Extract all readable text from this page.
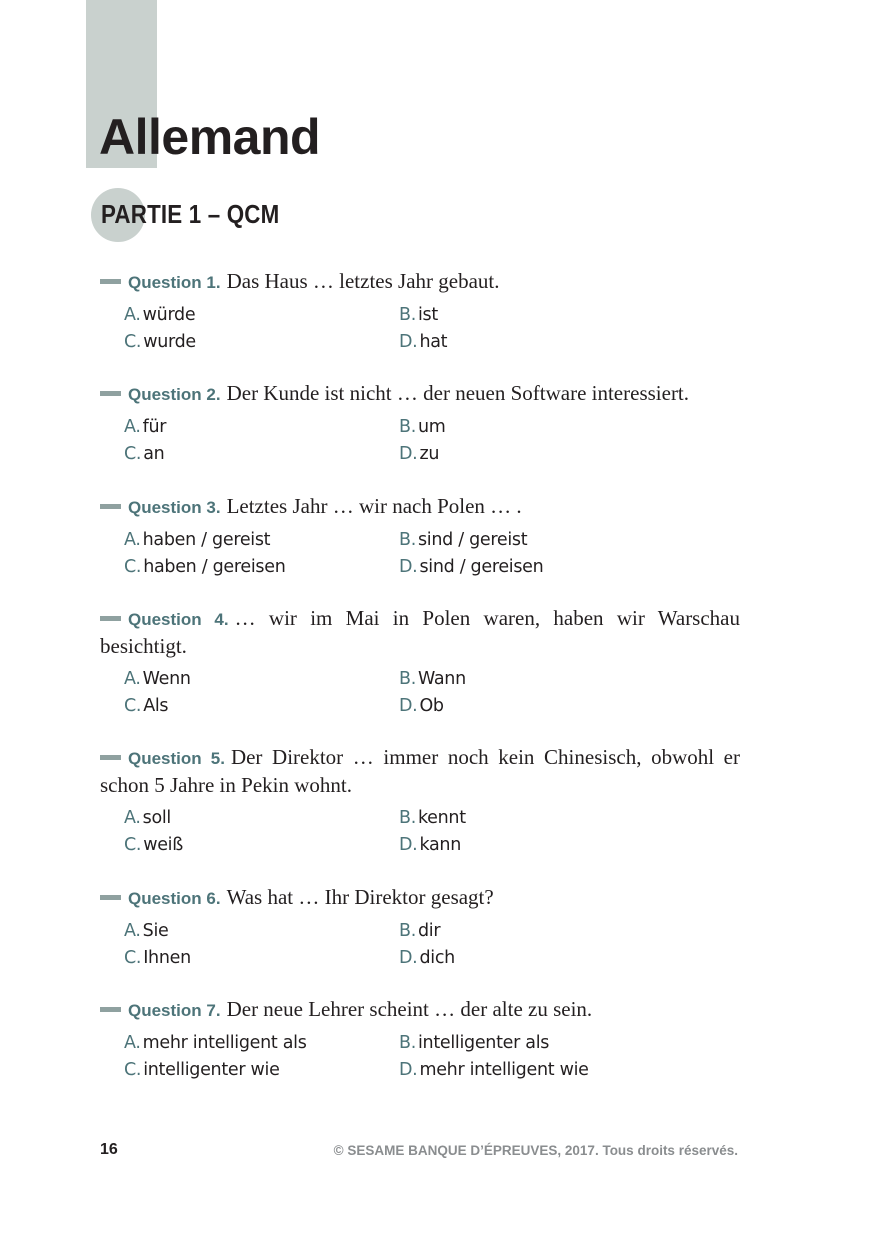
Allemand
PARTIE 1 – QCM

Question 1. Das Haus … letztes Jahr gebaut.

A. würde	B. ist
C. wurde	D. hat

Question 2. Der Kunde ist nicht … der neuen Software interessiert.

A. für	B. um
C. an	D. zu

Question 3. Letztes Jahr … wir nach Polen … .

A. haben / gereist	B. sind / gereist
C. haben / gereisen	D. sind / gereisen

Question 4. … wir im Mai in Polen waren, haben wir Warschau besichtigt.

A. Wenn	B. Wann
C. Als	D. Ob

Question 5. Der Direktor … immer noch kein Chinesisch, obwohl er schon 5 Jahre in Pekin wohnt.

A. soll	B. kennt
C. weiß	D. kann

Question 6. Was hat … Ihr Direktor gesagt?

A. Sie	B. dir
C. Ihnen	D. dich

Question 7. Der neue Lehrer scheint … der alte zu sein.

A. mehr intelligent als	B. intelligenter als
C. intelligenter wie	D. mehr intelligent wie
16	© SESAME BANQUE D’ÉPREUVES, 2017. Tous droits réservés.
